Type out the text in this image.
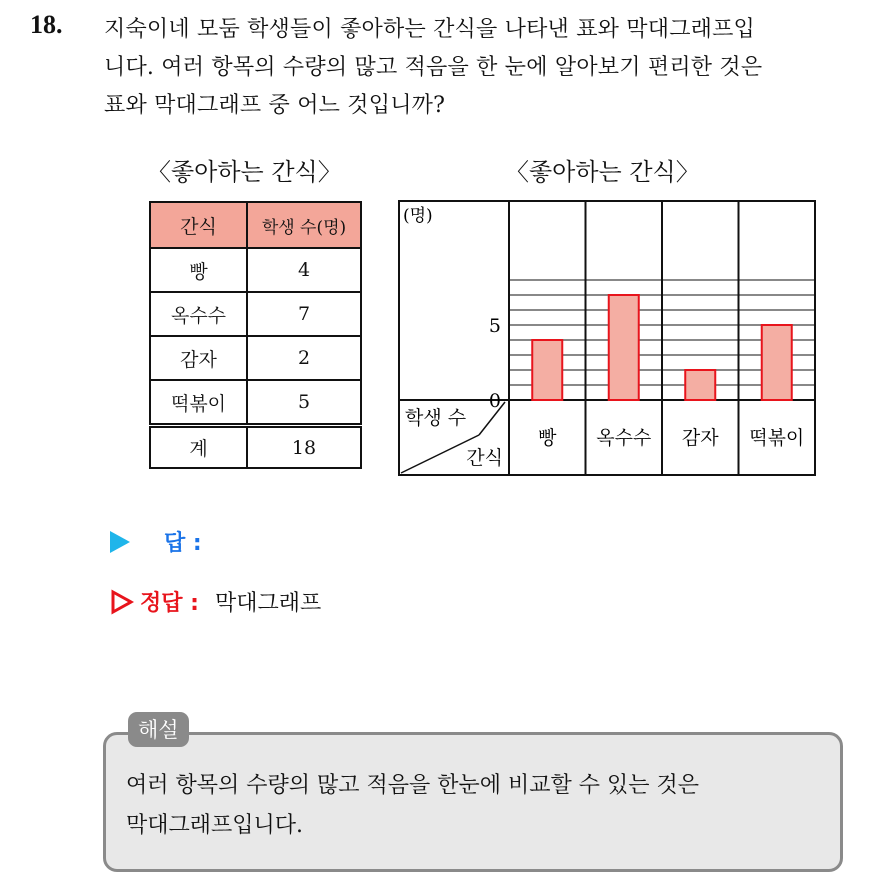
18. 지숙이네 모둠 학생들이 좋아하는 간식을 나타낸 표와 막대그래프입
니다. 여러 항목의 수량의 많고 적음을 한 눈에 알아보기 편리한 것은
표와 막대그래프 중 어느 것입니까?
〈좋아하는 간식〉	〈좋아하는 간식〉
간식	학생 수(명)
빵	4
옥수수	7
감자	2
떡볶이	5
계	18
(명)
0
5
빵 옥수수 감자 떡볶이
학생 수
간식
답 :
정답 : 막대그래프
해설
여러 항목의 수량의 많고 적음을 한눈에 비교할 수 있는 것은
막대그래프입니다.
